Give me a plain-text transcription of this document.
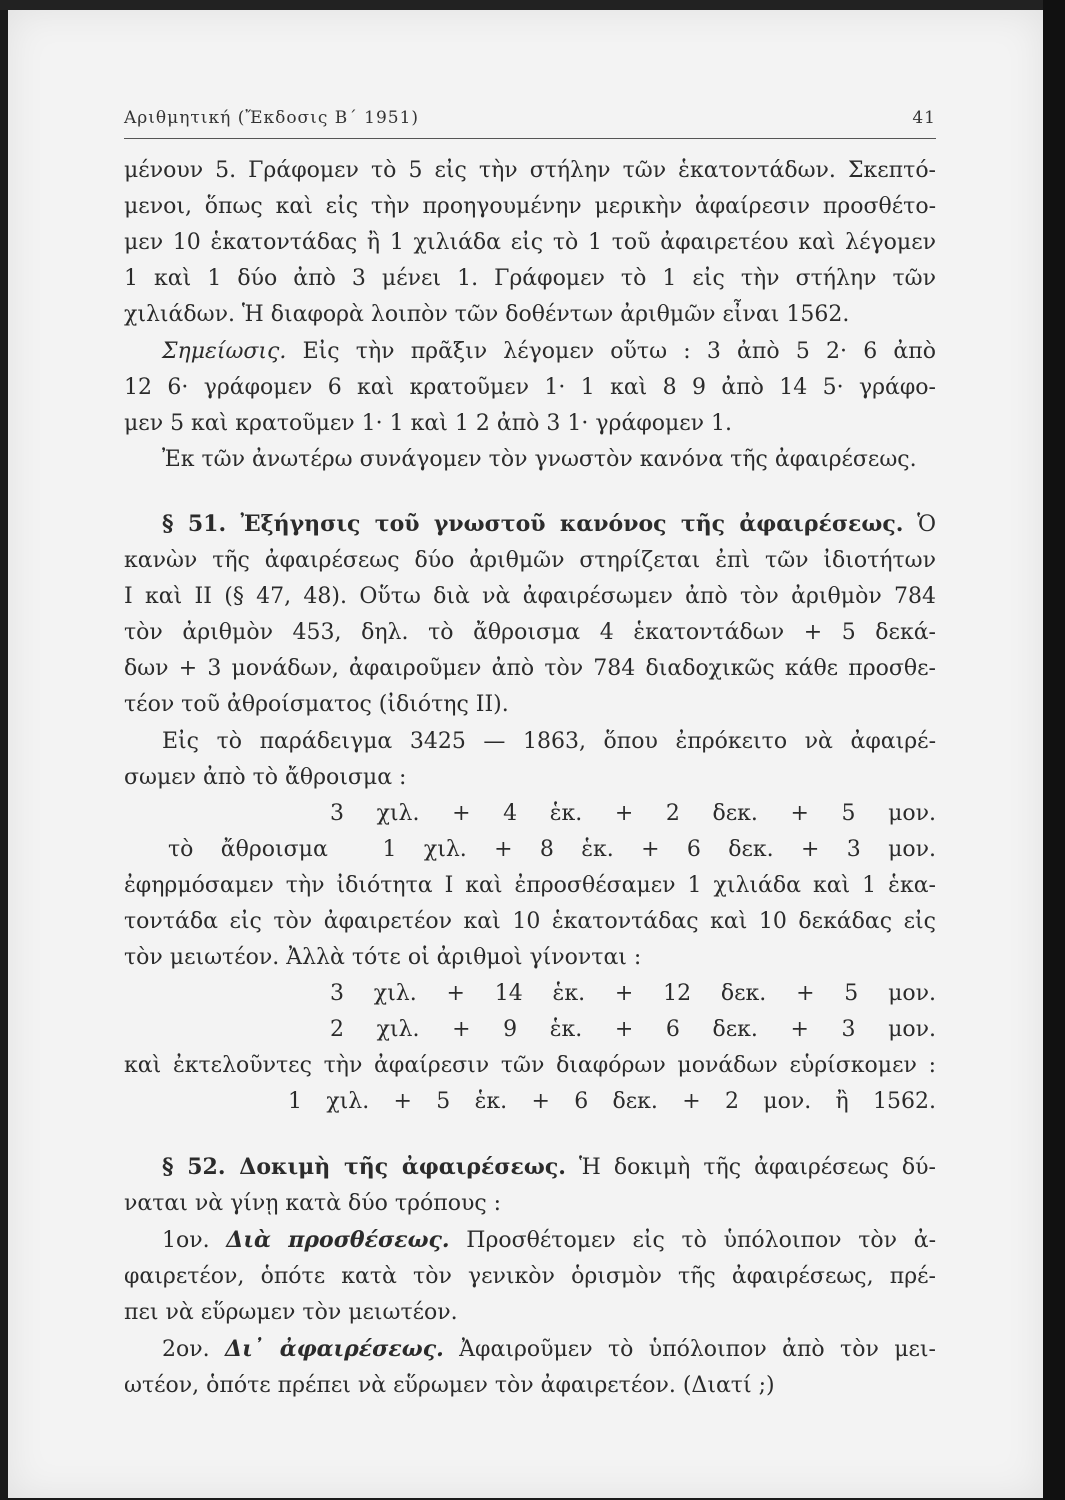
Αριθμητική (Ἔκδοσις Β΄ 1951)	41
μένουν 5. Γράφομεν τὸ 5 εἰς τὴν στήλην τῶν ἑκατοντάδων. Σκεπτό-
μενοι, ὅπως καὶ εἰς τὴν προηγουμένην μερικὴν ἀφαίρεσιν προσθέτο-
μεν 10 ἑκατοντάδας ἢ 1 χιλιάδα εἰς τὸ 1 τοῦ ἀφαιρετέου καὶ λέγομεν
1 καὶ 1 δύο ἀπὸ 3 μένει 1. Γράφομεν τὸ 1 εἰς τὴν στήλην τῶν
χιλιάδων. Ἡ διαφορὰ λοιπὸν τῶν δοθέντων ἀριθμῶν εἶναι 1562.
Σημείωσις. Εἰς τὴν πρᾶξιν λέγομεν οὕτω : 3 ἀπὸ 5 2· 6 ἀπὸ
12 6· γράφομεν 6 καὶ κρατοῦμεν 1· 1 καὶ 8 9 ἀπὸ 14 5· γράφο-
μεν 5 καὶ κρατοῦμεν 1· 1 καὶ 1 2 ἀπὸ 3 1· γράφομεν 1.
Ἐκ τῶν ἀνωτέρω συνάγομεν τὸν γνωστὸν κανόνα τῆς ἀφαιρέσεως.
§ 51. Ἐξήγησις τοῦ γνωστοῦ κανόνος τῆς ἀφαιρέσεως. Ὁ
κανὼν τῆς ἀφαιρέσεως δύο ἀριθμῶν στηρίζεται ἐπὶ τῶν ἰδιοτήτων
Ι καὶ ΙΙ (§ 47, 48). Οὕτω διὰ νὰ ἀφαιρέσωμεν ἀπὸ τὸν ἀριθμὸν 784
τὸν ἀριθμὸν 453, δηλ. τὸ ἄθροισμα 4 ἑκατοντάδων + 5 δεκά-
δων + 3 μονάδων, ἀφαιροῦμεν ἀπὸ τὸν 784 διαδοχικῶς κάθε προσθε-
τέον τοῦ ἀθροίσματος (ἰδιότης ΙΙ).
Εἰς τὸ παράδειγμα 3425 — 1863, ὅπου ἐπρόκειτο νὰ ἀφαιρέ-
σωμεν ἀπὸ τὸ ἄθροισμα :
3 χιλ. + 4 ἑκ. + 2 δεκ. + 5 μον.
τὸ ἄθροισμα 1 χιλ. + 8 ἑκ. + 6 δεκ. + 3 μον.
ἐφηρμόσαμεν τὴν ἰδιότητα Ι καὶ ἐπροσθέσαμεν 1 χιλιάδα καὶ 1 ἑκα-
τοντάδα εἰς τὸν ἀφαιρετέον καὶ 10 ἑκατοντάδας καὶ 10 δεκάδας εἰς
τὸν μειωτέον. Ἀλλὰ τότε οἱ ἀριθμοὶ γίνονται :
3 χιλ. + 14 ἑκ. + 12 δεκ. + 5 μον.
2 χιλ. + 9 ἑκ. + 6 δεκ. + 3 μον.
καὶ ἐκτελοῦντες τὴν ἀφαίρεσιν τῶν διαφόρων μονάδων εὑρίσκομεν :
1 χιλ. + 5 ἑκ. + 6 δεκ. + 2 μον. ἢ 1562.
§ 52. Δοκιμὴ τῆς ἀφαιρέσεως. Ἡ δοκιμὴ τῆς ἀφαιρέσεως δύ-
ναται νὰ γίνῃ κατὰ δύο τρόπους :
1ον. Διὰ προσθέσεως. Προσθέτομεν εἰς τὸ ὑπόλοιπον τὸν ἀ-
φαιρετέον, ὁπότε κατὰ τὸν γενικὸν ὁρισμὸν τῆς ἀφαιρέσεως, πρέ-
πει νὰ εὕρωμεν τὸν μειωτέον.
2ον. Δι᾿ ἀφαιρέσεως. Ἀφαιροῦμεν τὸ ὑπόλοιπον ἀπὸ τὸν μει-
ωτέον, ὁπότε πρέπει νὰ εὕρωμεν τὸν ἀφαιρετέον. (Διατί ;)
